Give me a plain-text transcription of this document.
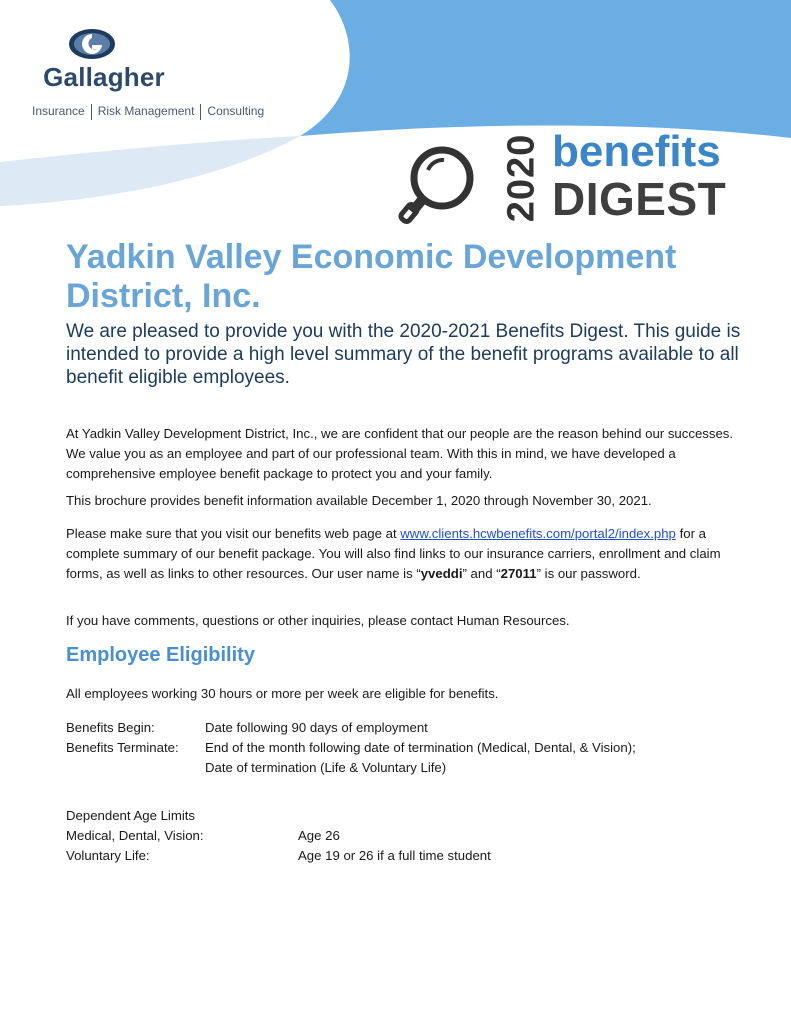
Gallagher
Insurance Risk Management Consulting
2020 benefits
DIGEST
Yadkin Valley Economic Development District, Inc.

We are pleased to provide you with the 2020-2021 Benefits Digest. This guide is intended to provide a high level summary of the benefit programs available to all benefit eligible employees.

At Yadkin Valley Development District, Inc., we are confident that our people are the reason behind our successes. We value you as an employee and part of our professional team. With this in mind, we have developed a comprehensive employee benefit package to protect you and your family.

This brochure provides benefit information available December 1, 2020 through November 30, 2021.

Please make sure that you visit our benefits web page at www.clients.hcwbenefits.com/portal2/index.php for a complete summary of our benefit package. You will also find links to our insurance carriers, enrollment and claim forms, as well as links to other resources. Our user name is “yveddi” and “27011” is our password.

If you have comments, questions or other inquiries, please contact Human Resources.

Employee Eligibility

All employees working 30 hours or more per week are eligible for benefits.

Benefits Begin:	Date following 90 days of employment
Benefits Terminate: End of the month following date of termination (Medical, Dental, & Vision);
Date of termination (Life & Voluntary Life)
Dependent Age Limits
Medical, Dental, Vision:	Age 26
Voluntary Life:	Age 19 or 26 if a full time student
